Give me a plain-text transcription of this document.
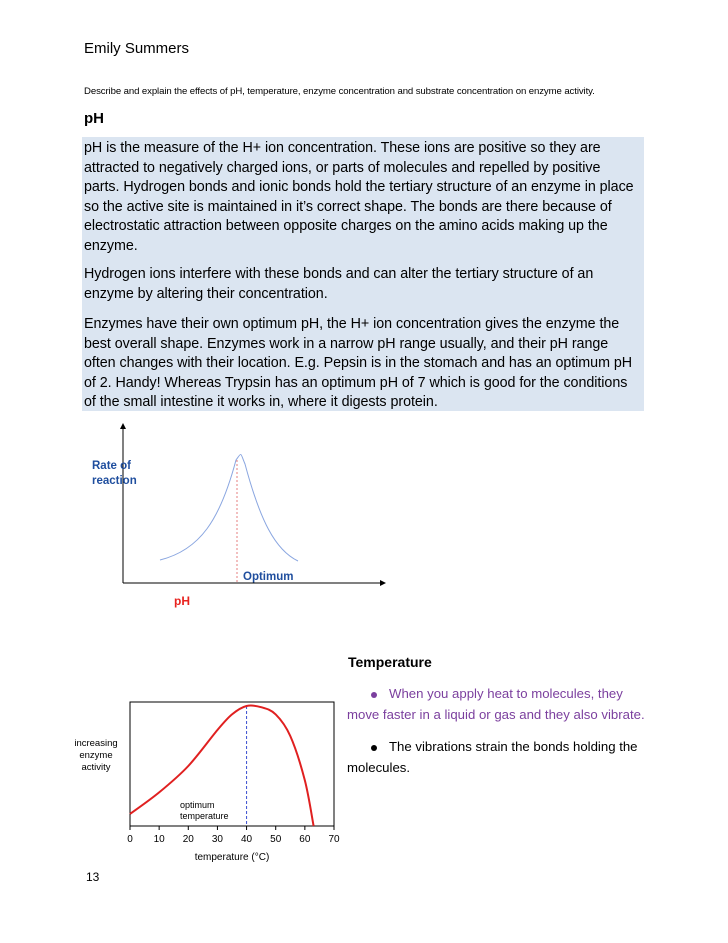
Emily Summers
Describe and explain the effects of pH, temperature, enzyme concentration and substrate concentration on enzyme activity.
pH
pH is the measure of the H+ ion concentration. These ions are positive so they are
attracted to negatively charged ions, or parts of molecules and repelled by positive
parts. Hydrogen bonds and ionic bonds hold the tertiary structure of an enzyme in place
so the active site is maintained in it’s correct shape. The bonds are there because of
electrostatic attraction between opposite charges on the amino acids making up the
enzyme.
Hydrogen ions interfere with these bonds and can alter the tertiary structure of an
enzyme by altering their concentration.
Enzymes have their own optimum pH, the H+ ion concentration gives the enzyme the
best overall shape. Enzymes work in a narrow pH range usually, and their pH range
often changes with their location. E.g. Pepsin is in the stomach and has an optimum pH
of 2. Handy! Whereas Trypsin has an optimum pH of 7 which is good for the conditions
of the small intestine it works in, where it digests protein.
Rate of
reaction
Optimum
pH
Temperature
When you apply heat to molecules, they
move faster in a liquid or gas and they also vibrate.
The vibrations strain the bonds holding the
molecules.
0 10 20 30 40 50 60 70
optimum
temperature
increasing
enzyme
activity
temperature (°C)
13
